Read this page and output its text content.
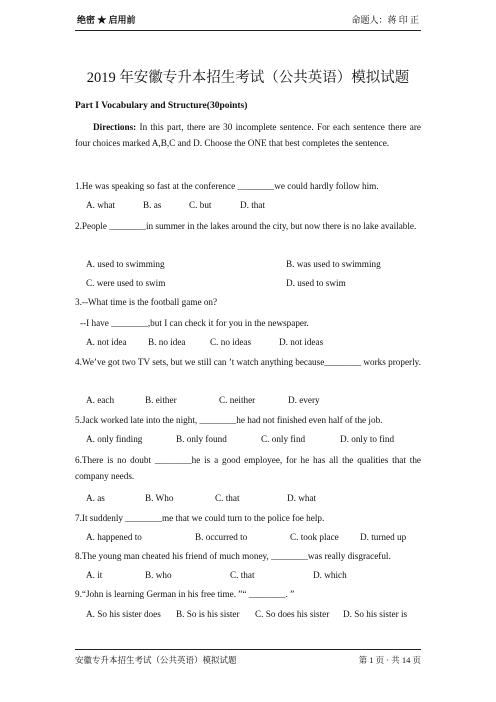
绝密 ★ 启用前	命题人：蒋 印 正
2019 年安徽专升本招生考试（公共英语）模拟试题
Part I Vocabulary and Structure(30points)
Directions: In this part, there are 30 incomplete sentence. For each sentence there are four choices marked A,B,C and D. Choose the ONE that best completes the sentence.
1.He was speaking so fast at the conference ________we could hardly follow him.
A. what	B. as	C. but	D. that
2.People ________in summer in the lakes around the city, but now there is no lake available.
A. used to swimming	B. was used to swimming
C. were used to swim	D. used to swim
3.--What time is the football game on?
--I have ________,but I can check it for you in the newspaper.
A. not idea B. no idea	C. no ideas	D. not ideas
4.We’ve got two TV sets, but we still can ’t watch anything because________ works properly.
A. each	B. either	C. neither	D. every
5.Jack worked late into the night, ________he had not finished even half of the job.
A. only finding	B. only found	C. only find	D. only to find
6.There is no doubt ________he is a good employee, for he has all the qualities that the company needs.
A. as	B. Who	C. that	D. what
7.It suddenly ________me that we could turn to the police foe help.
A. happened to	B. occurred to	C. took place D. turned up
8.The young man cheated his friend of much money, ________was really disgraceful.
A. it	B. who	C. that	D. which
9.“John is learning German in his free time. ”“ ________. ”
A. So his sister does B. So is his sister C. So does his sister D. So his sister is
安徽专升本招生考试（公共英语）模拟试题	第 1 页 · 共 14 页
